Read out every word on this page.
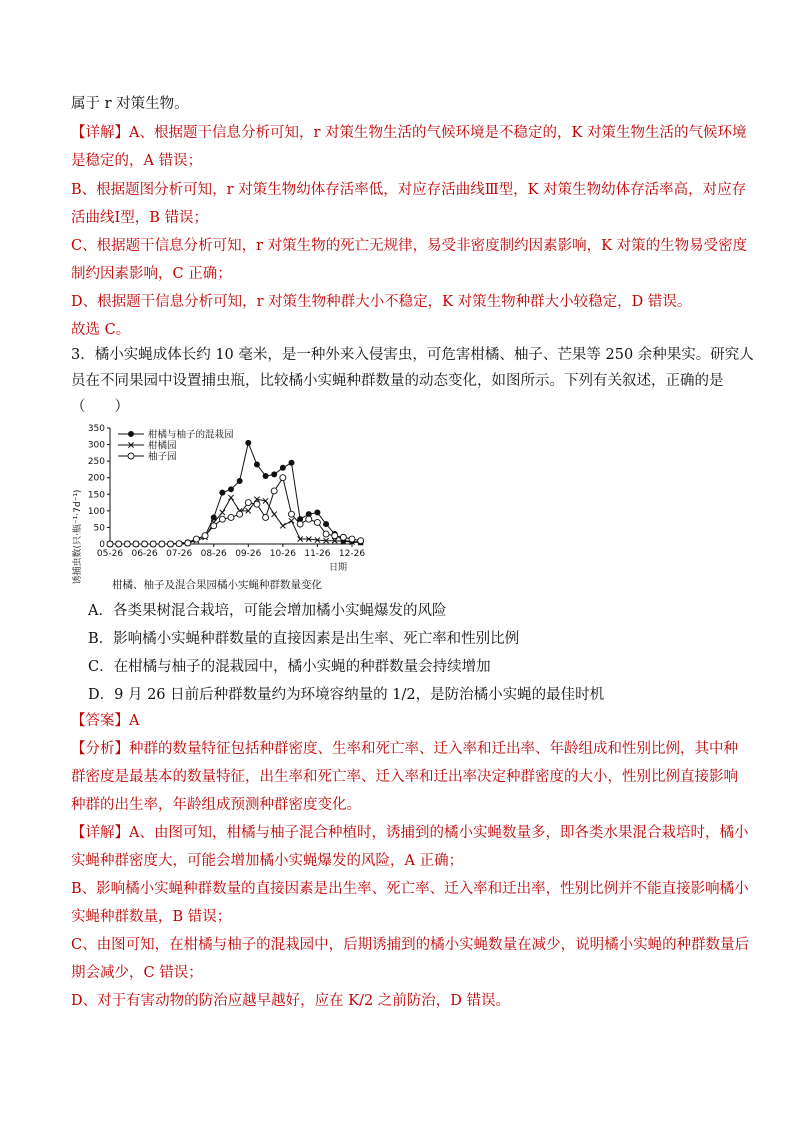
属于 r 对策生物。
【详解】A、根据题干信息分析可知，r 对策生物生活的气候环境是不稳定的，K 对策生物生活的气候环境
是稳定的，A 错误；
B、根据题图分析可知，r 对策生物幼体存活率低，对应存活曲线Ⅲ型，K 对策生物幼体存活率高，对应存
活曲线Ⅰ型，B 错误；
C、根据题干信息分析可知，r 对策生物的死亡无规律，易受非密度制约因素影响，K 对策的生物易受密度
制约因素影响，C 正确；
D、根据题干信息分析可知，r 对策生物种群大小不稳定，K 对策生物种群大小较稳定，D 错误。
故选 C。
3．橘小实蝇成体长约 10 毫米，是一种外来入侵害虫，可危害柑橘、柚子、芒果等 250 余种果实。研究人
员在不同果园中设置捕虫瓶，比较橘小实蝇种群数量的动态变化，如图所示。下列有关叙述，正确的是
（　　）
0
50
100
150
200
250
300
350
05-26 06-26 07-26 08-26 09-26 10-26 11-26 12-26
柑橘与柚子的混栽园
柑橘园
柚子园
诱捕虫数(只·瓶⁻¹·7d⁻¹)	日期
柑橘、柚子及混合果园橘小实蝇种群数量变化
A．各类果树混合栽培，可能会增加橘小实蝇爆发的风险
B．影响橘小实蝇种群数量的直接因素是出生率、死亡率和性别比例
C．在柑橘与柚子的混栽园中，橘小实蝇的种群数量会持续增加
D．9 月 26 日前后种群数量约为环境容纳量的 1/2，是防治橘小实蝇的最佳时机
【答案】A
【分析】种群的数量特征包括种群密度、生率和死亡率、迁入率和迁出率、年龄组成和性别比例，其中种
群密度是最基本的数量特征，出生率和死亡率、迁入率和迁出率决定种群密度的大小，性别比例直接影响
种群的出生率，年龄组成预测种群密度变化。
【详解】A、由图可知，柑橘与柚子混合种植时，诱捕到的橘小实蝇数量多，即各类水果混合栽培时，橘小
实蝇种群密度大，可能会增加橘小实蝇爆发的风险，A 正确；
B、影响橘小实蝇种群数量的直接因素是出生率、死亡率、迁入率和迁出率，性别比例并不能直接影响橘小
实蝇种群数量，B 错误；
C、由图可知，在柑橘与柚子的混栽园中，后期诱捕到的橘小实蝇数量在减少，说明橘小实蝇的种群数量后
期会减少，C 错误；
D、对于有害动物的防治应越早越好，应在 K/2 之前防治，D 错误。
